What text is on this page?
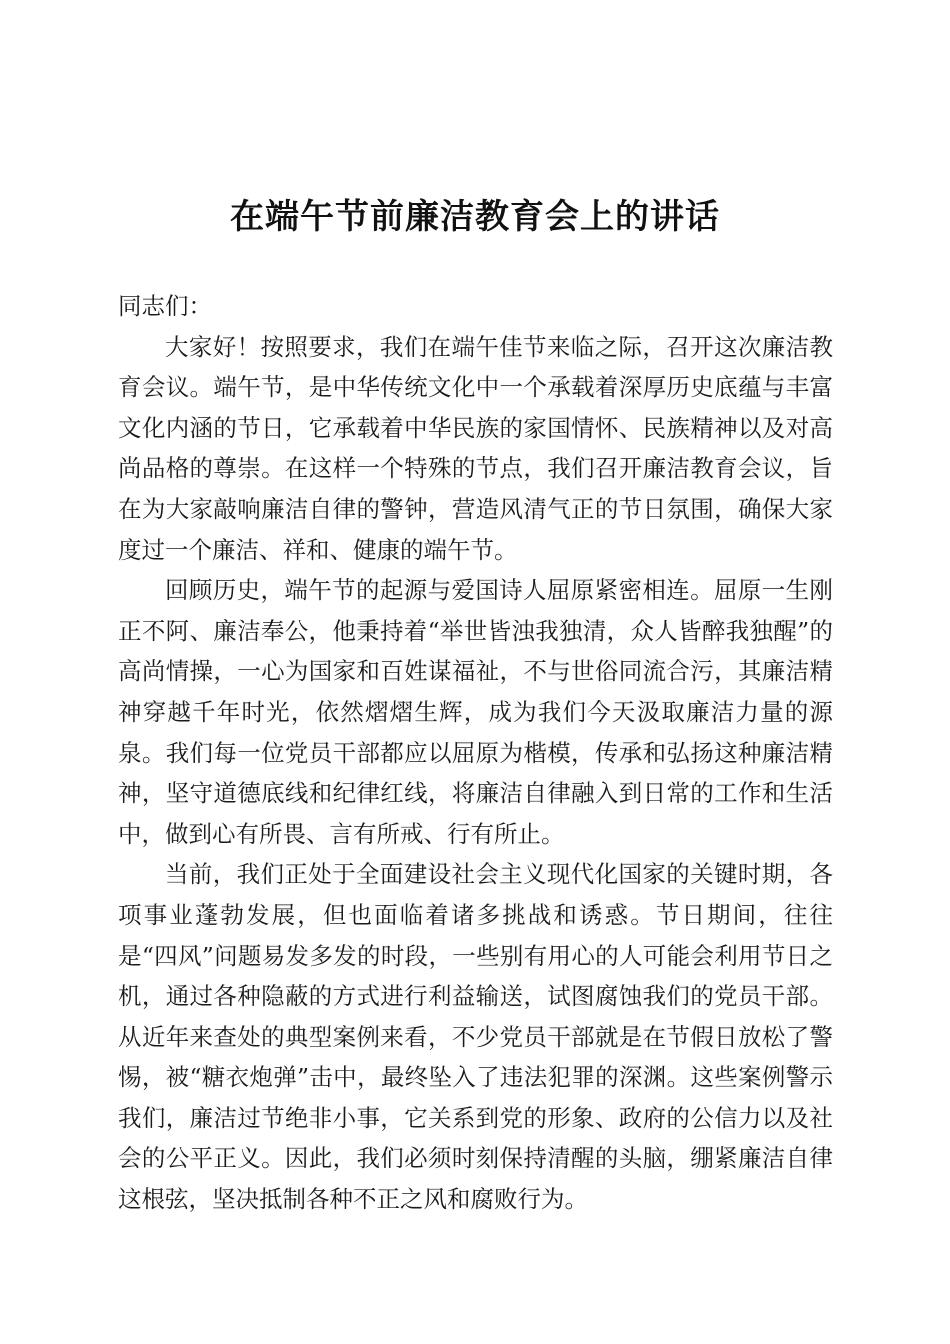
在端午节前廉洁教育会上的讲话

同志们：

大家好！按照要求，我们在端午佳节来临之际，召开这次廉洁教育会议。端午节，是中华传统文化中一个承载着深厚历史底蕴与丰富文化内涵的节日，它承载着中华民族的家国情怀、民族精神以及对高尚品格的尊崇。在这样一个特殊的节点，我们召开廉洁教育会议，旨在为大家敲响廉洁自律的警钟，营造风清气正的节日氛围，确保大家度过一个廉洁、祥和、健康的端午节。

回顾历史，端午节的起源与爱国诗人屈原紧密相连。屈原一生刚正不阿、廉洁奉公，他秉持着“举世皆浊我独清，众人皆醉我独醒”的高尚情操，一心为国家和百姓谋福祉，不与世俗同流合污，其廉洁精神穿越千年时光，依然熠熠生辉，成为我们今天汲取廉洁力量的源泉。我们每一位党员干部都应以屈原为楷模，传承和弘扬这种廉洁精神，坚守道德底线和纪律红线，将廉洁自律融入到日常的工作和生活中，做到心有所畏、言有所戒、行有所止。

当前，我们正处于全面建设社会主义现代化国家的关键时期，各项事业蓬勃发展，但也面临着诸多挑战和诱惑。节日期间，往往是“四风”问题易发多发的时段，一些别有用心的人可能会利用节日之机，通过各种隐蔽的方式进行利益输送，试图腐蚀我们的党员干部。从近年来查处的典型案例来看，不少党员干部就是在节假日放松了警惕，被“糖衣炮弹”击中，最终坠入了违法犯罪的深渊。这些案例警示我们，廉洁过节绝非小事，它关系到党的形象、政府的公信力以及社会的公平正义。因此，我们必须时刻保持清醒的头脑，绷紧廉洁自律这根弦，坚决抵制各种不正之风和腐败行为。
